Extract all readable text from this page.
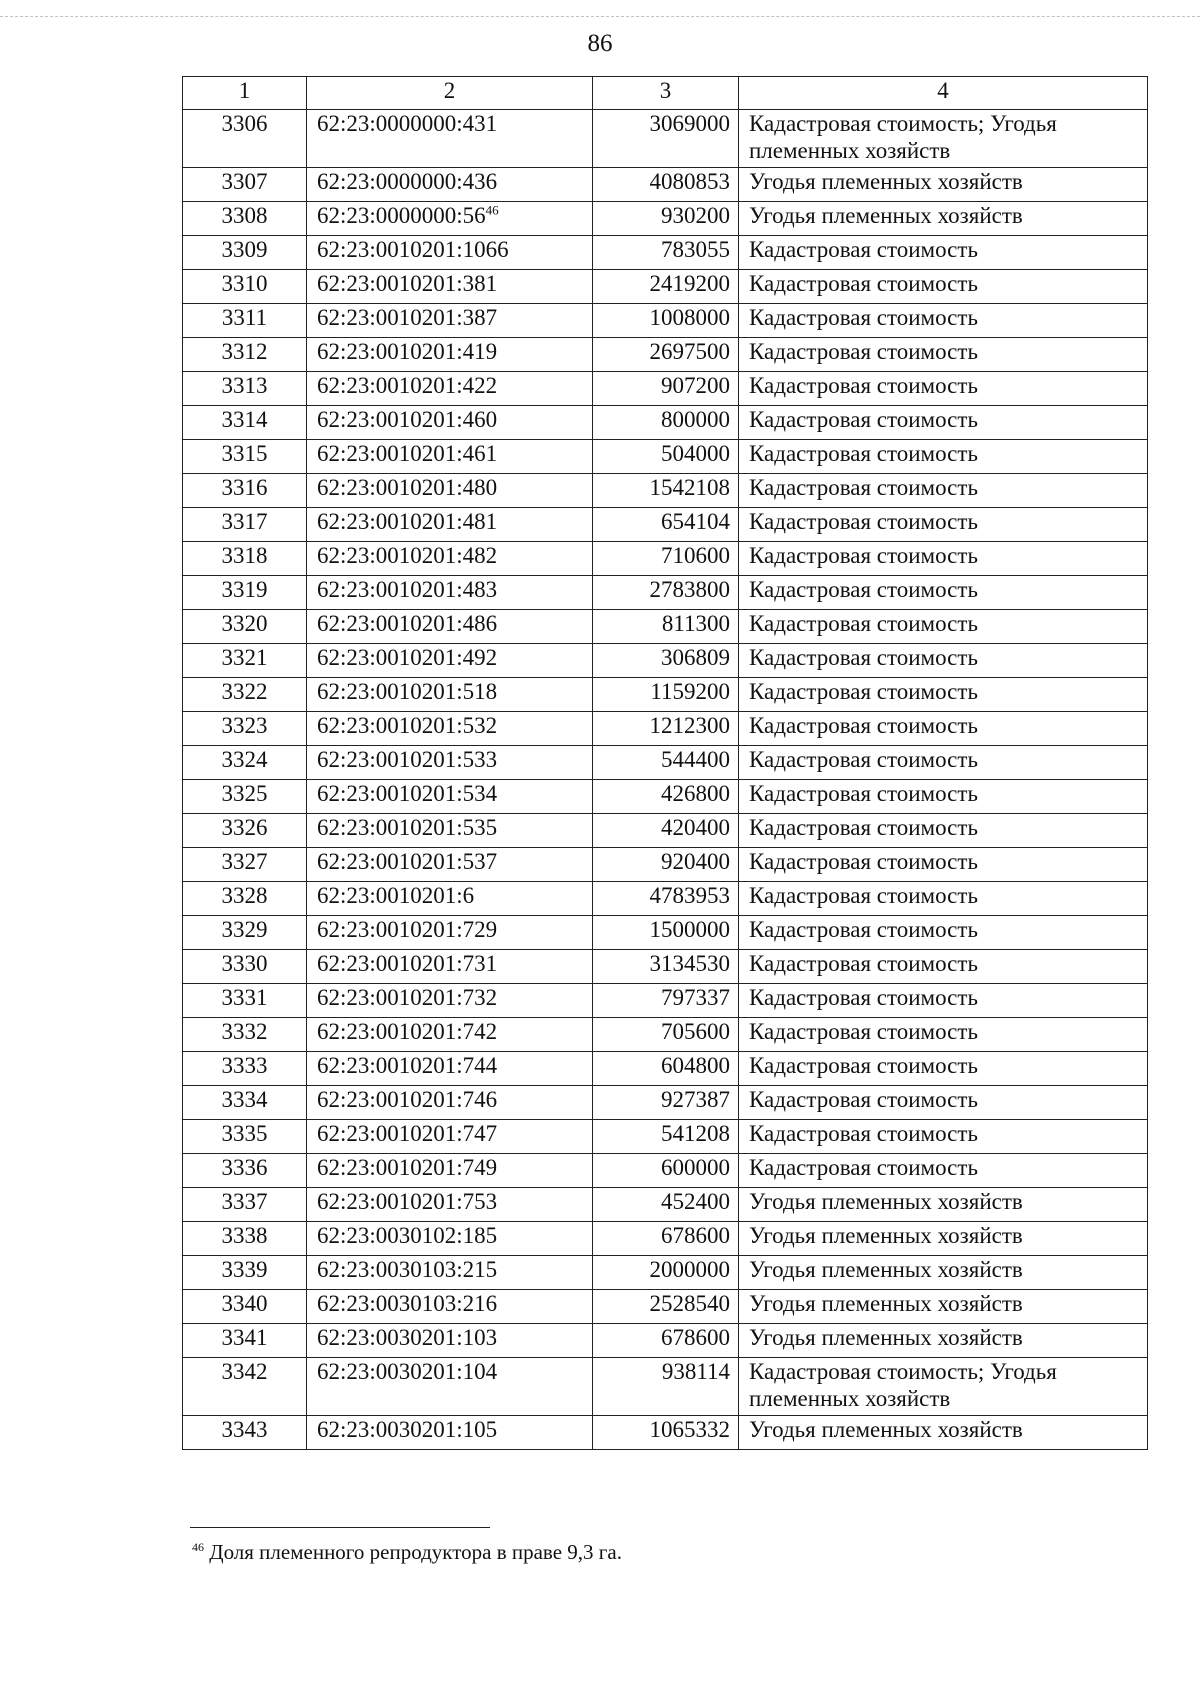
86
1	2	3	4
3306	62:23:0000000:431	3069000	Кадастровая стоимость; Угодья племенных хозяйств
3307	62:23:0000000:436	4080853	Угодья племенных хозяйств
3308	$62:23:0000000:56^{46}$	930200	Угодья племенных хозяйств
3309	62:23:0010201:1066	783055	Кадастровая стоимость
3310	62:23:0010201:381	2419200	Кадастровая стоимость
3311	62:23:0010201:387	1008000	Кадастровая стоимость
3312	62:23:0010201:419	2697500	Кадастровая стоимость
3313	62:23:0010201:422	907200	Кадастровая стоимость
3314	62:23:0010201:460	800000	Кадастровая стоимость
3315	62:23:0010201:461	504000	Кадастровая стоимость
3316	62:23:0010201:480	1542108	Кадастровая стоимость
3317	62:23:0010201:481	654104	Кадастровая стоимость
3318	62:23:0010201:482	710600	Кадастровая стоимость
3319	62:23:0010201:483	2783800	Кадастровая стоимость
3320	62:23:0010201:486	811300	Кадастровая стоимость
3321	62:23:0010201:492	306809	Кадастровая стоимость
3322	62:23:0010201:518	1159200	Кадастровая стоимость
3323	62:23:0010201:532	1212300	Кадастровая стоимость
3324	62:23:0010201:533	544400	Кадастровая стоимость
3325	62:23:0010201:534	426800	Кадастровая стоимость
3326	62:23:0010201:535	420400	Кадастровая стоимость
3327	62:23:0010201:537	920400	Кадастровая стоимость
3328	62:23:0010201:6	4783953	Кадастровая стоимость
3329	62:23:0010201:729	1500000	Кадастровая стоимость
3330	62:23:0010201:731	3134530	Кадастровая стоимость
3331	62:23:0010201:732	797337	Кадастровая стоимость
3332	62:23:0010201:742	705600	Кадастровая стоимость
3333	62:23:0010201:744	604800	Кадастровая стоимость
3334	62:23:0010201:746	927387	Кадастровая стоимость
3335	62:23:0010201:747	541208	Кадастровая стоимость
3336	62:23:0010201:749	600000	Кадастровая стоимость
3337	62:23:0010201:753	452400	Угодья племенных хозяйств
3338	62:23:0030102:185	678600	Угодья племенных хозяйств
3339	62:23:0030103:215	2000000	Угодья племенных хозяйств
3340	62:23:0030103:216	2528540	Угодья племенных хозяйств
3341	62:23:0030201:103	678600	Угодья племенных хозяйств
3342	62:23:0030201:104	938114	Кадастровая стоимость; Угодья племенных хозяйств
3343	62:23:0030201:105	1065332	Угодья племенных хозяйств
$^{46}$ Доля племенного репродуктора в праве 9,3 га.
